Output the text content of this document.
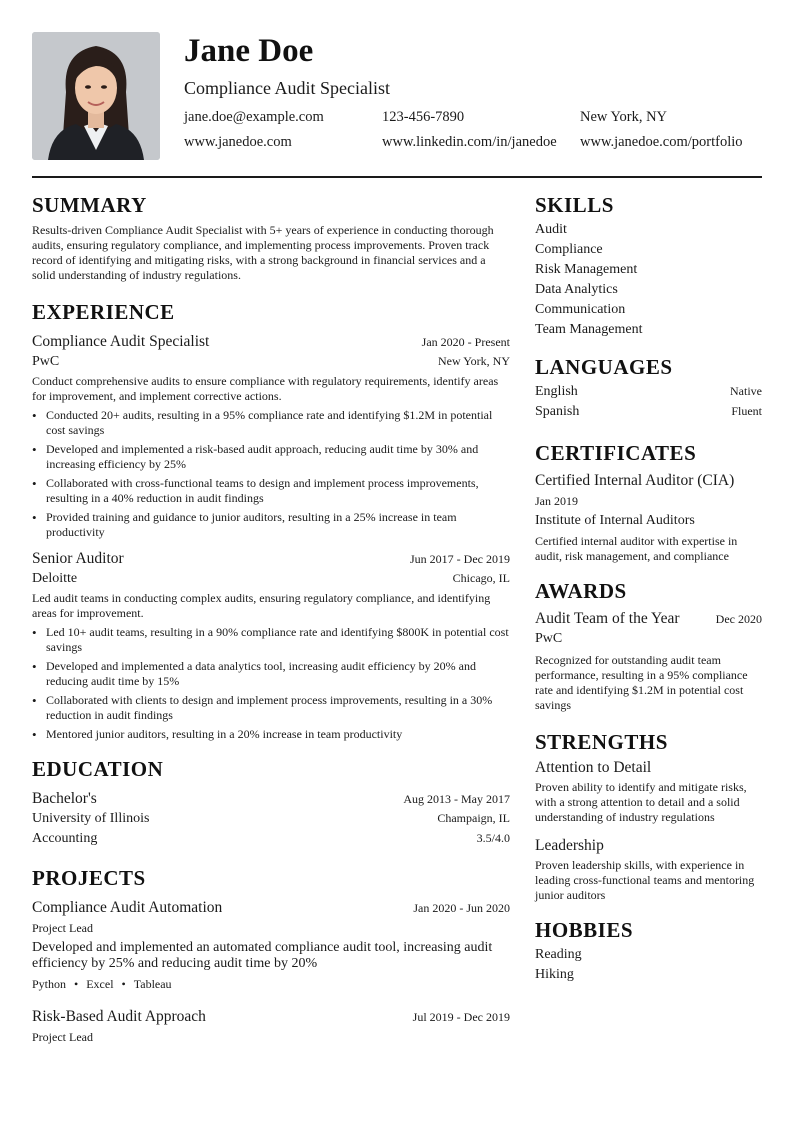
Jane Doe
Compliance Audit Specialist
jane.doe@example.com	123-456-7890	New York, NY
www.janedoe.com	www.linkedin.com/in/janedoe	www.janedoe.com/portfolio
SUMMARY
Results-driven Compliance Audit Specialist with 5+ years of experience in conducting thorough audits, ensuring regulatory compliance, and implementing process improvements. Proven track record of identifying and mitigating risks, with a strong background in financial services and a solid understanding of industry regulations.
EXPERIENCE
Compliance Audit Specialist	Jan 2020 - Present
PwC	New York, NY
Conduct comprehensive audits to ensure compliance with regulatory requirements, identify areas for improvement, and implement corrective actions.
• Conducted 20+ audits, resulting in a 95% compliance rate and identifying $1.2M in potential cost savings
• Developed and implemented a risk-based audit approach, reducing audit time by 30% and increasing efficiency by 25%
• Collaborated with cross-functional teams to design and implement process improvements, resulting in a 40% reduction in audit findings
• Provided training and guidance to junior auditors, resulting in a 25% increase in team productivity
Senior Auditor	Jun 2017 - Dec 2019
Deloitte	Chicago, IL
Led audit teams in conducting complex audits, ensuring regulatory compliance, and identifying areas for improvement.
• Led 10+ audit teams, resulting in a 90% compliance rate and identifying $800K in potential cost savings
• Developed and implemented a data analytics tool, increasing audit efficiency by 20% and reducing audit time by 15%
• Collaborated with clients to design and implement process improvements, resulting in a 30% reduction in audit findings
• Mentored junior auditors, resulting in a 20% increase in team productivity
EDUCATION
Bachelor's	Aug 2013 - May 2017
University of Illinois	Champaign, IL
Accounting	3.5/4.0
PROJECTS
Compliance Audit Automation	Jan 2020 - Jun 2020
Project Lead
Developed and implemented an automated compliance audit tool, increasing audit efficiency by 25% and reducing audit time by 20%
Python • Excel • Tableau
Risk-Based Audit Approach	Jul 2019 - Dec 2019
Project Lead
SKILLS
Audit
Compliance
Risk Management
Data Analytics
Communication
Team Management
LANGUAGES
English	Native
Spanish	Fluent
CERTIFICATES
Certified Internal Auditor (CIA)
Jan 2019
Institute of Internal Auditors
Certified internal auditor with expertise in audit, risk management, and compliance
AWARDS
Audit Team of the Year	Dec 2020
PwC
Recognized for outstanding audit team performance, resulting in a 95% compliance rate and identifying $1.2M in potential cost savings
STRENGTHS
Attention to Detail
Proven ability to identify and mitigate risks, with a strong attention to detail and a solid understanding of industry regulations
Leadership
Proven leadership skills, with experience in leading cross-functional teams and mentoring junior auditors
HOBBIES
Reading
Hiking
